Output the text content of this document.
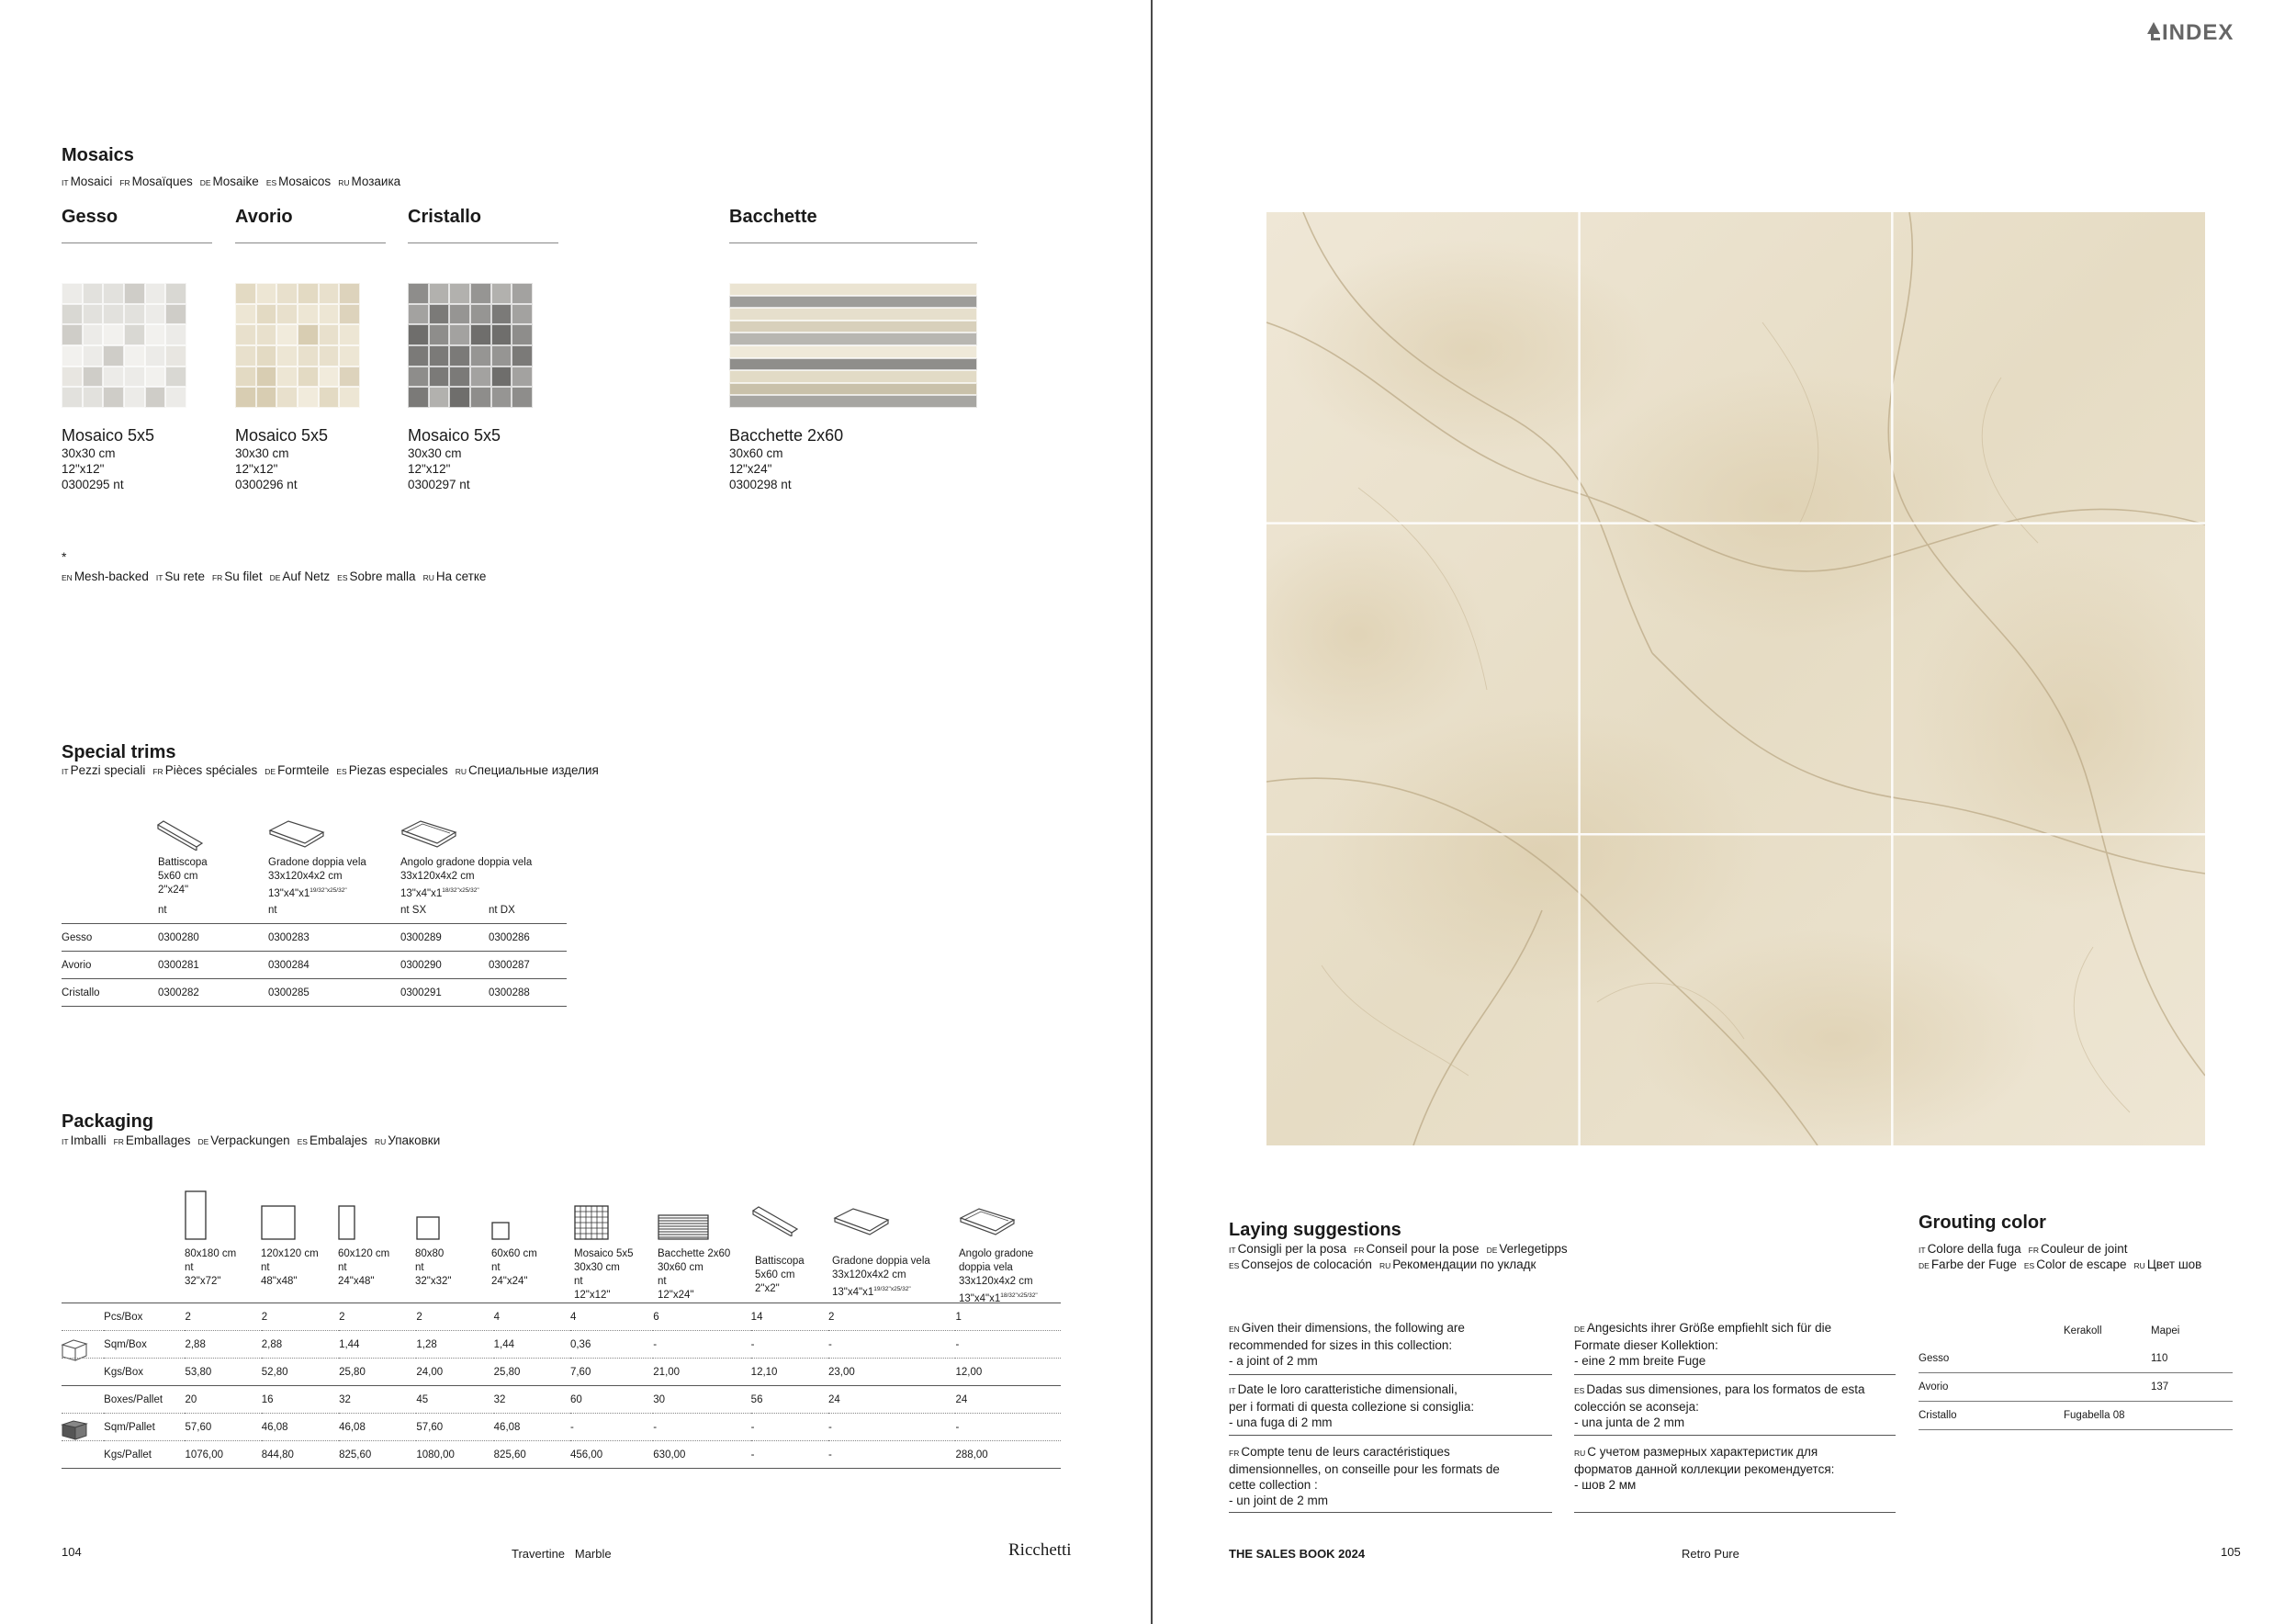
INDEX
Mosaics
IT Mosaici FR Mosaïques DE Mosaike ES Mosaicos RU Мозаика
Gesso	Avorio	Cristallo	Bacchette
Mosaico 5x5
30x30 cm
12"x12"
0300295 nt
Mosaico 5x5
30x30 cm
12"x12"
0300296 nt
Mosaico 5x5
30x30 cm
12"x12"
0300297 nt
Bacchette 2x60
30x60 cm
12"x24"
0300298 nt
*
EN Mesh-backed IT Su rete FR Su filet DE Auf Netz ES Sobre malla RU На сетке
Special trims
IT Pezzi speciali FR Pièces spéciales DE Formteile ES Piezas especiales RU Специальные изделия
Battiscopa
5x60 cm
2"x24"
Gradone doppia vela
33x120x4x2 cm
$13"x4"x1^{19/32"x25/32"}$
Angolo gradone doppia vela
33x120x4x2 cm
$13"x4"x1^{18/32"x25/32"}$
	nt	nt	nt SX	nt DX
Gesso	0300280	0300283	0300289	0300286
Avorio	0300281	0300284	0300290	0300287
Cristallo	0300282	0300285	0300291	0300288
Packaging
IT Imballi FR Emballages DE Verpackungen ES Embalajes RU Упаковки
80x180 cm
nt
32"x72"
120x120 cm
nt
48"x48"
60x120 cm
nt
24"x48"
80x80
nt
32"x32"
60x60 cm
nt
24"x24"
Mosaico 5x5
30x30 cm
nt
12"x12"
Bacchette 2x60
30x60 cm
nt
12"x24"
Battiscopa
5x60 cm
2"x2"
Gradone doppia vela
33x120x4x2 cm
$13"x4"x1^{19/32"x25/32"}$
Angolo gradone
doppia vela
33x120x4x2 cm
$13"x4"x1^{18/32"x25/32"}$
	Pcs/Box	2	2	2	2	4	4	6	14	2	1
	Sqm/Box	2,88	2,88	1,44	1,28	1,44	0,36	-	-	-	-
	Kgs/Box	53,80	52,80	25,80	24,00	25,80	7,60	21,00	12,10	23,00	12,00
	Boxes/Pallet	20	16	32	45	32	60	30	56	24	24
	Sqm/Pallet	57,60	46,08	46,08	57,60	46,08	-	-	-	-	-
	Kgs/Pallet	1076,00	844,80	825,60	1080,00	825,60	456,00	630,00	-	-	288,00
104	Travertine   Marble	Ricchetti
Laying suggestions
IT Consigli per la posa FR Conseil pour la pose DE Verlegetipps
ES Consejos de colocación RU Рекомендации по укладк
EN Given their dimensions, the following are
recommended for sizes in this collection:
- a joint of 2 mm
IT Date le loro caratteristiche dimensionali,
per i formati di questa collezione si consiglia:
- una fuga di 2 mm
FR Compte tenu de leurs caractéristiques
dimensionnelles, on conseille pour les formats de
cette collection :
- un joint de 2 mm
DE Angesichts ihrer Größe empfiehlt sich für die
Formate dieser Kollektion:
- eine 2 mm breite Fuge
ES Dadas sus dimensiones, para los formatos de esta
colección se aconseja:
- una junta de 2 mm
RU С учетом размерных характеристик для
форматов данной коллекции рекомендуется:
- шов 2 мм
Grouting color
IT Colore della fuga FR Couleur de joint
DE Farbe der Fuge ES Color de escape RU Цвет шов
	Kerakoll	Mapei
Gesso		110
Avorio		137
Cristallo	Fugabella 08	
THE SALES BOOK 2024	Retro Pure	105
